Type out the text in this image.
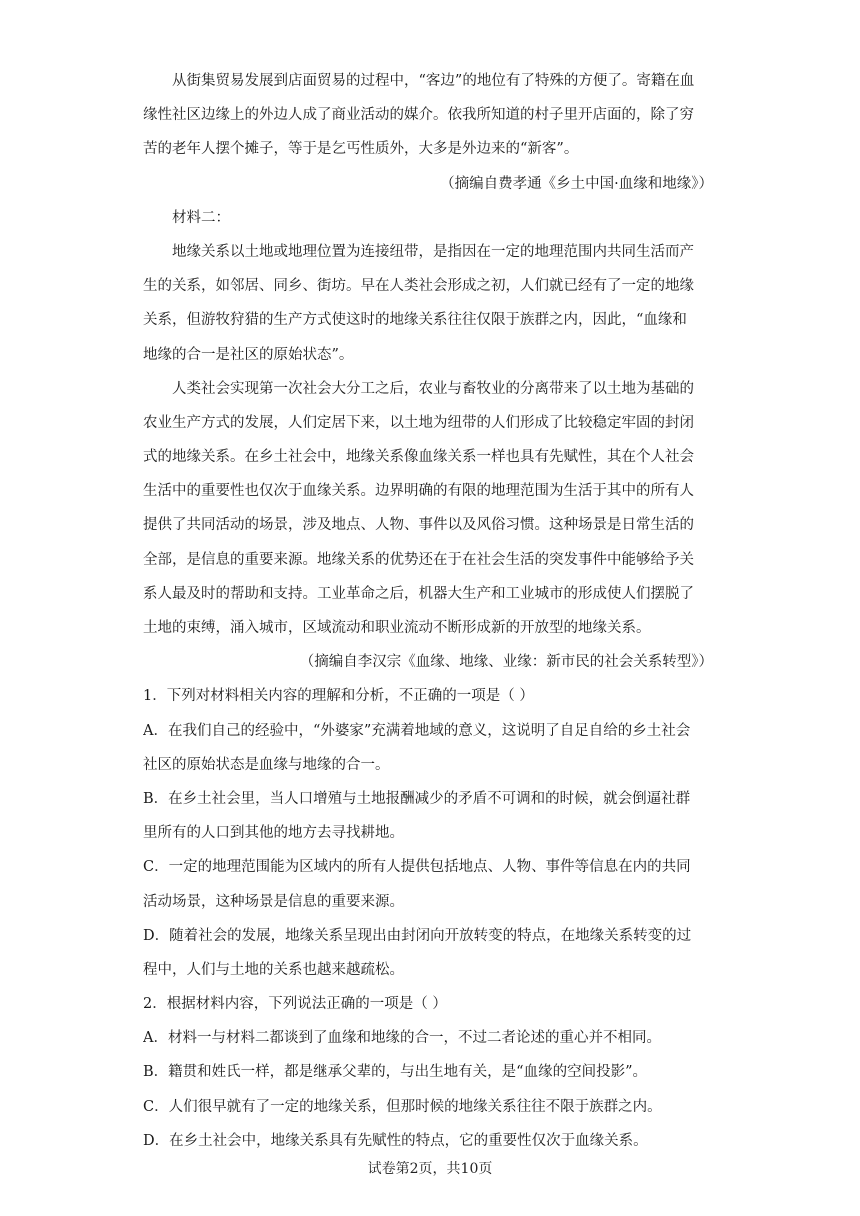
从街集贸易发展到店面贸易的过程中，“客边”的地位有了特殊的方便了。寄籍在血
缘性社区边缘上的外边人成了商业活动的媒介。依我所知道的村子里开店面的，除了穷
苦的老年人摆个摊子，等于是乞丐性质外，大多是外边来的“新客”。
（摘编自费孝通《乡土中国·血缘和地缘》）
材料二：
地缘关系以土地或地理位置为连接纽带，是指因在一定的地理范围内共同生活而产
生的关系，如邻居、同乡、街坊。早在人类社会形成之初，人们就已经有了一定的地缘
关系，但游牧狩猎的生产方式使这时的地缘关系往往仅限于族群之内，因此，“血缘和
地缘的合一是社区的原始状态”。
人类社会实现第一次社会大分工之后，农业与畜牧业的分离带来了以土地为基础的
农业生产方式的发展，人们定居下来，以土地为纽带的人们形成了比较稳定牢固的封闭
式的地缘关系。在乡土社会中，地缘关系像血缘关系一样也具有先赋性，其在个人社会
生活中的重要性也仅次于血缘关系。边界明确的有限的地理范围为生活于其中的所有人
提供了共同活动的场景，涉及地点、人物、事件以及风俗习惯。这种场景是日常生活的
全部，是信息的重要来源。地缘关系的优势还在于在社会生活的突发事件中能够给予关
系人最及时的帮助和支持。工业革命之后，机器大生产和工业城市的形成使人们摆脱了
土地的束缚，涌入城市，区域流动和职业流动不断形成新的开放型的地缘关系。
（摘编自李汉宗《血缘、地缘、业缘：新市民的社会关系转型》）
1．下列对材料相关内容的理解和分析，不正确的一项是（ ）
A．在我们自己的经验中，“外婆家”充满着地域的意义，这说明了自足自给的乡土社会
社区的原始状态是血缘与地缘的合一。
B．在乡土社会里，当人口增殖与土地报酬减少的矛盾不可调和的时候，就会倒逼社群
里所有的人口到其他的地方去寻找耕地。
C．一定的地理范围能为区域内的所有人提供包括地点、人物、事件等信息在内的共同
活动场景，这种场景是信息的重要来源。
D．随着社会的发展，地缘关系呈现出由封闭向开放转变的特点，在地缘关系转变的过
程中，人们与土地的关系也越来越疏松。
2．根据材料内容，下列说法正确的一项是（ ）
A．材料一与材料二都谈到了血缘和地缘的合一，不过二者论述的重心并不相同。
B．籍贯和姓氏一样，都是继承父辈的，与出生地有关，是“血缘的空间投影”。
C．人们很早就有了一定的地缘关系，但那时候的地缘关系往往不限于族群之内。
D．在乡土社会中，地缘关系具有先赋性的特点，它的重要性仅次于血缘关系。
试卷第2页，共10页
